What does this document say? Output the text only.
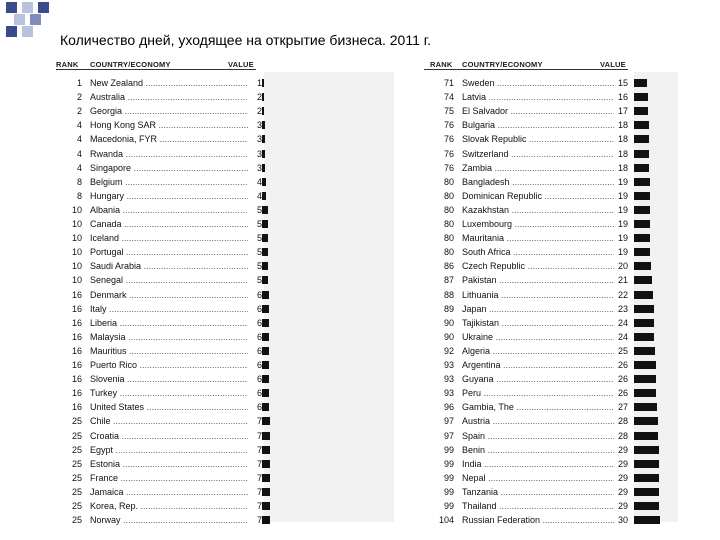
Количество дней, уходящее на открытие бизнеса. 2011 г.
RANK COUNTRY/ECONOMY	VALUE
1 New Zealand .....	1
2 Australia .....	2
2 Georgia .....	2
4 Hong Kong SAR .....	3
4 Macedonia, FYR .....	3
4 Rwanda .....	3
4 Singapore .....	3
8 Belgium .....	4
8 Hungary .....	4
10 Albania .....	5
10 Canada .....	5
10 Iceland .....	5
10 Portugal .....	5
10 Saudi Arabia .....	5
10 Senegal .....	5
16 Denmark .....	6
16 Italy .....	6
16 Liberia .....	6
16 Malaysia .....	6
16 Mauritius .....	6
16 Puerto Rico .....	6
16 Slovenia .....	6
16 Turkey .....	6
16 United States .....	6
25 Chile .....	7
25 Croatia .....	7
25 Egypt .....	7
25 Estonia .....	7
25 France .....	7
25 Jamaica .....	7
25 Korea, Rep. .....	7
25 Norway .....	7
RANK COUNTRY/ECONOMY	VALUE
71 Sweden .....	15
74 Latvia .....	16
75 El Salvador .....	17
76 Bulgaria .....	18
76 Slovak Republic .....	18
76 Switzerland .....	18
76 Zambia .....	18
80 Bangladesh .....	19
80 Dominican Republic .....	19
80 Kazakhstan .....	19
80 Luxembourg .....	19
80 Mauritania .....	19
80 South Africa .....	19
86 Czech Republic .....	20
87 Pakistan .....	21
88 Lithuania .....	22
89 Japan .....	23
90 Tajikistan .....	24
90 Ukraine .....	24
92 Algeria .....	25
93 Argentina .....	26
93 Guyana .....	26
93 Peru .....	26
96 Gambia, The .....	27
97 Austria .....	28
97 Spain .....	28
99 Benin .....	29
99 India .....	29
99 Nepal .....	29
99 Tanzania .....	29
99 Thailand .....	29
104 Russian Federation .....	30
